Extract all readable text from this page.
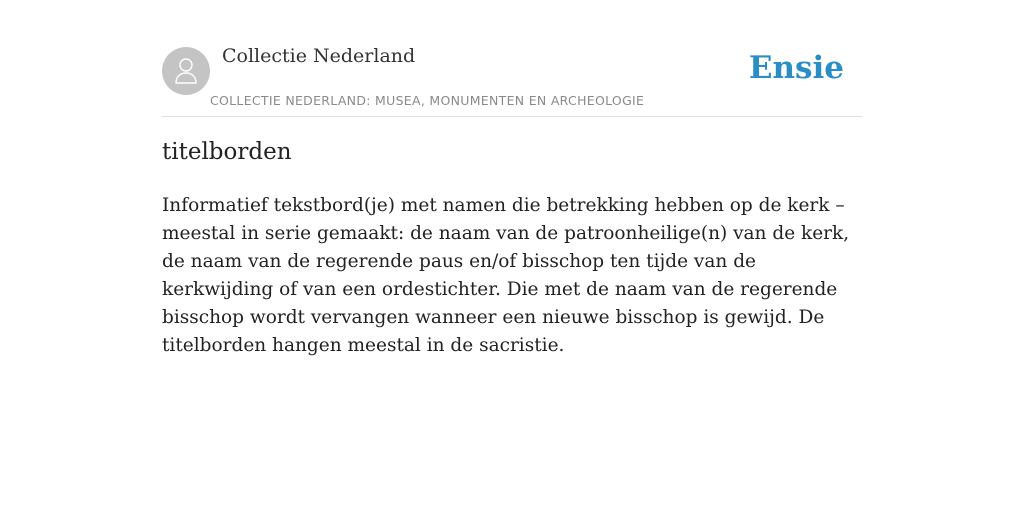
Collectie Nederland
COLLECTIE NEDERLAND: MUSEA, MONUMENTEN EN ARCHEOLOGIE
Ensie
titelborden

Informatief tekstbord(je) met namen die betrekking hebben op de kerk – meestal in serie gemaakt: de naam van de patroonheilige(n) van de kerk, de naam van de regerende paus en/of bisschop ten tijde van de kerkwijding of van een ordestichter. Die met de naam van de regerende bisschop wordt vervangen wanneer een nieuwe bisschop is gewijd. De titelborden hangen meestal in de sacristie.
